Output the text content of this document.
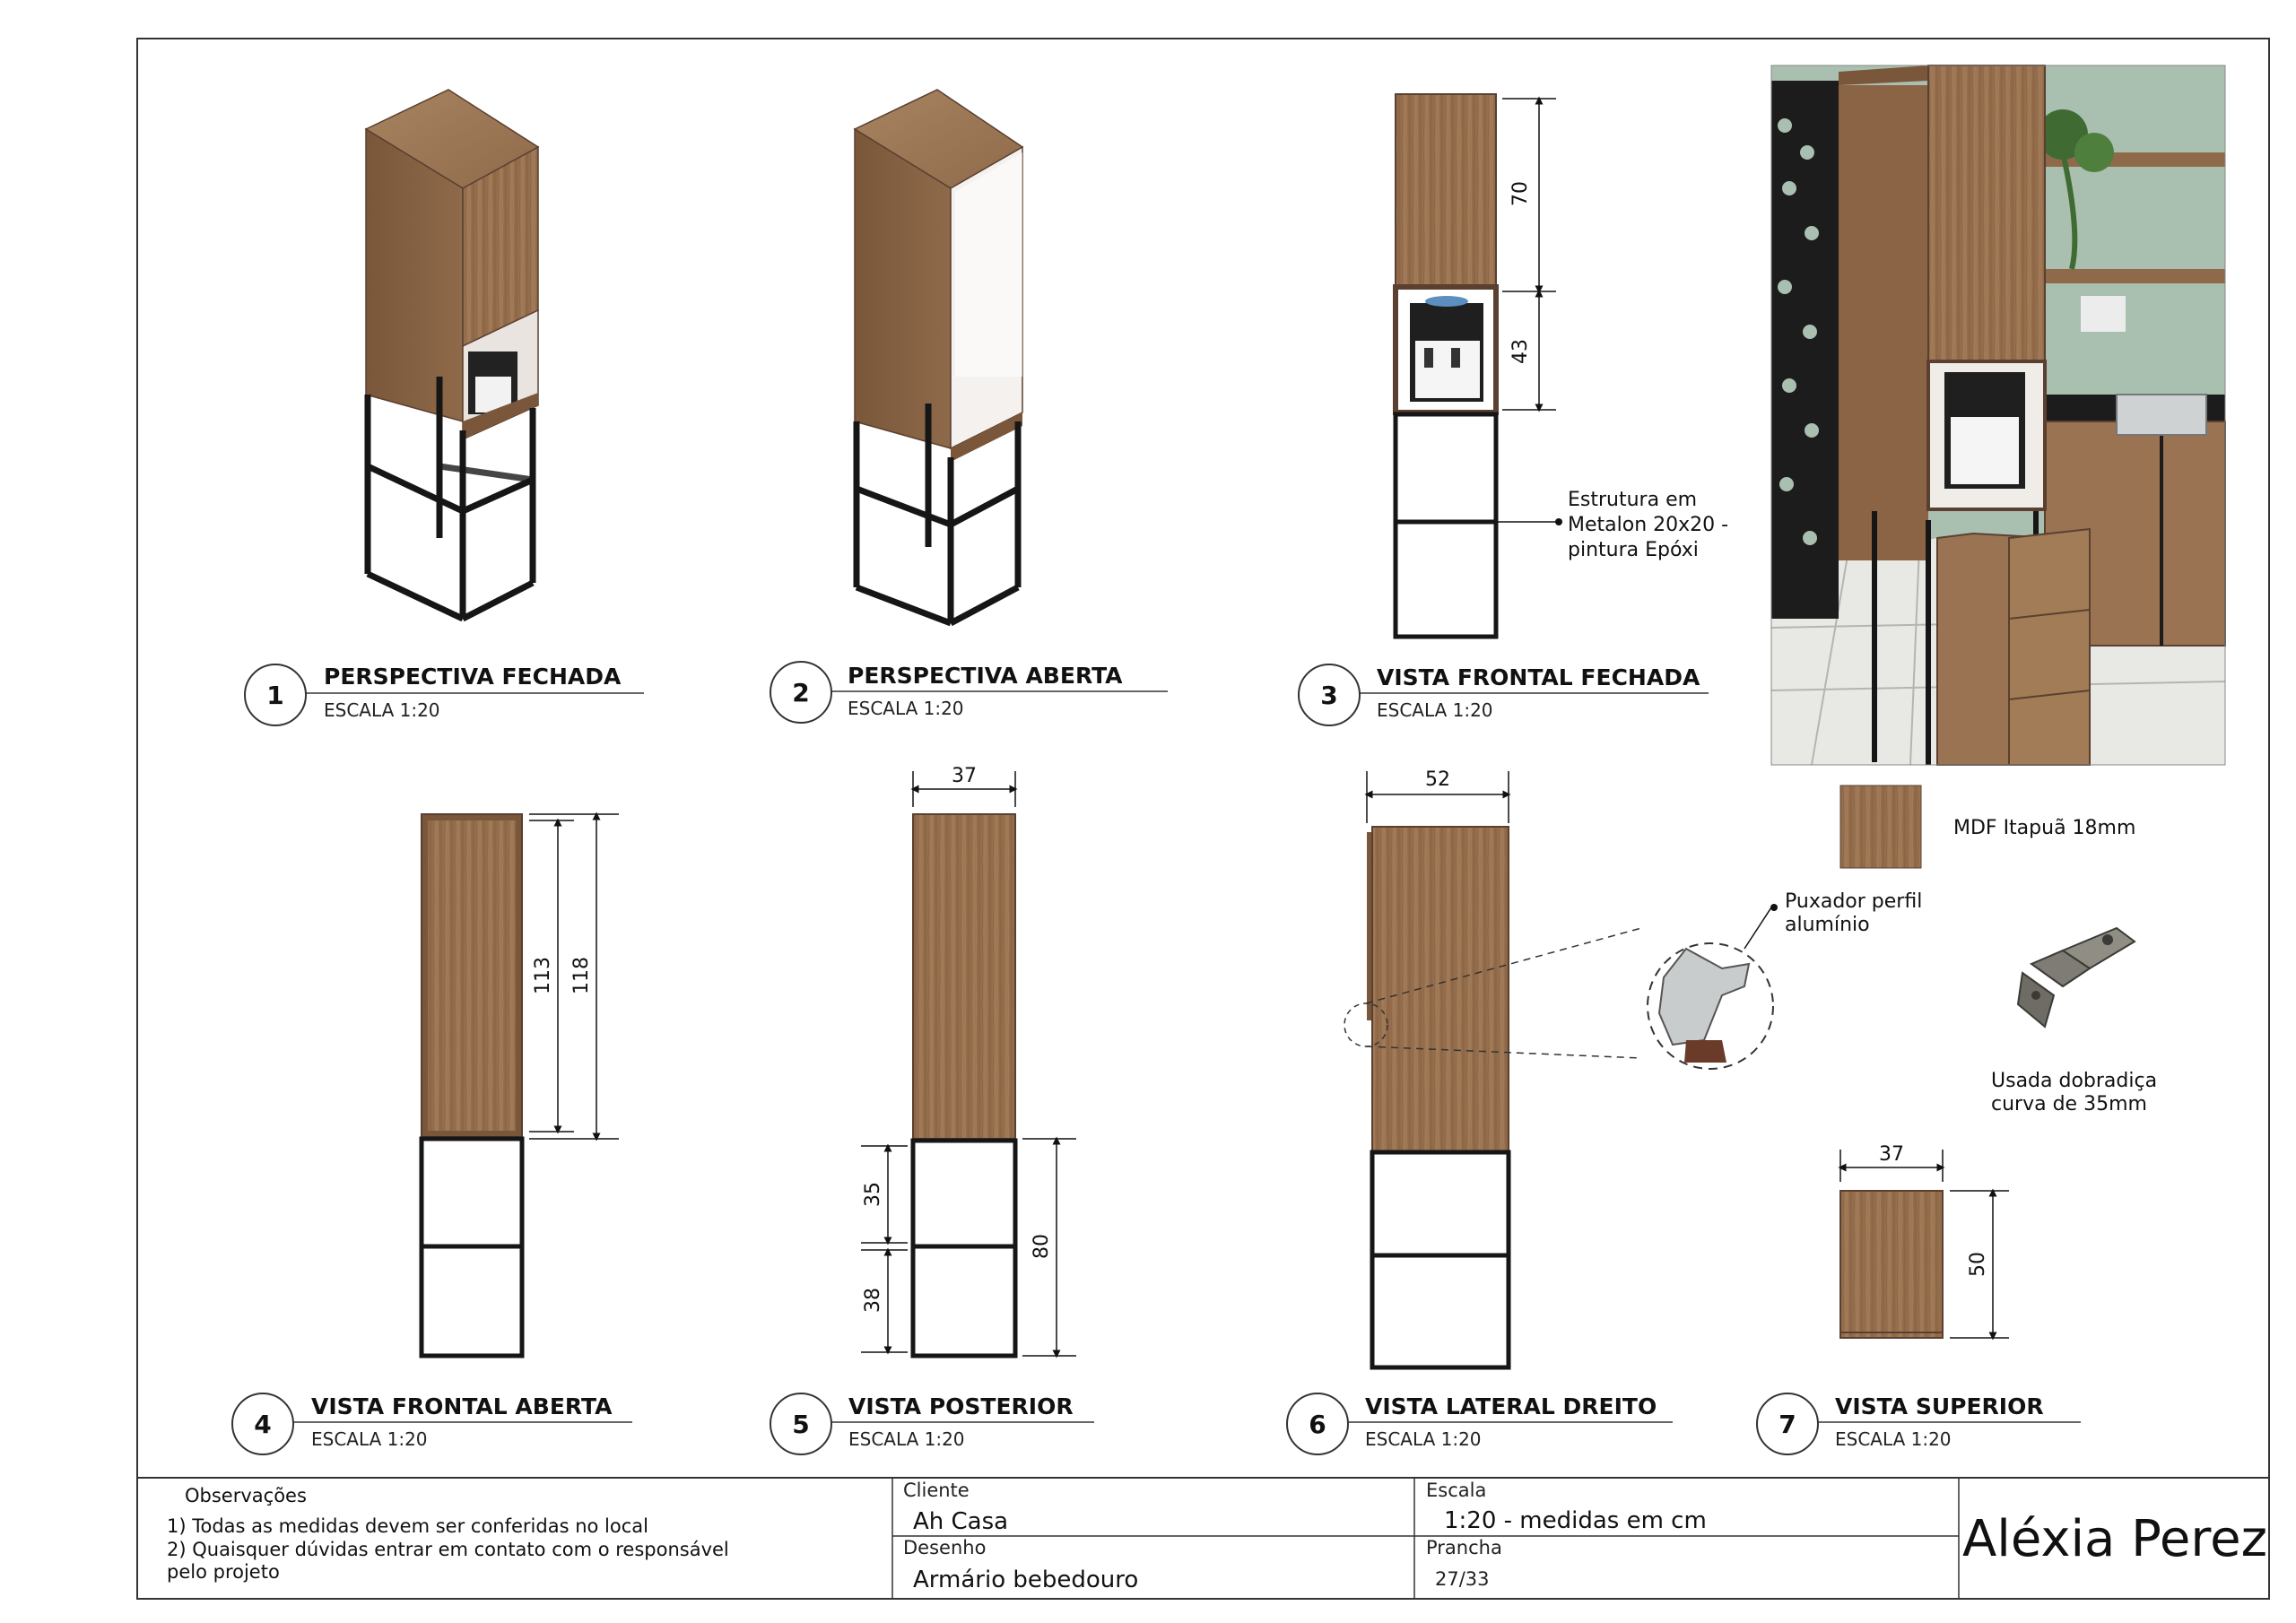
1
PERSPECTIVA FECHADA
ESCALA 1:20
2
PERSPECTIVA ABERTA
ESCALA 1:20
70
43
Estrutura em
Metalon 20x20 -
pintura Epóxi
3
VISTA FRONTAL FECHADA
ESCALA 1:20
MDF Itapuã 18mm
113 118
4
VISTA FRONTAL ABERTA
ESCALA 1:20
37
35
38
80
5
VISTA POSTERIOR
ESCALA 1:20
52
Puxador perfil
alumínio
6
VISTA LATERAL DREITO
ESCALA 1:20
Usada dobradiça
curva de 35mm
37
50
7
VISTA SUPERIOR
ESCALA 1:20
Observações
1) Todas as medidas devem ser conferidas no local
2) Quaisquer dúvidas entrar em contato com o responsável
pelo projeto
Cliente
Ah Casa
Desenho
Armário bebedouro
Escala
1:20 - medidas em cm
Prancha
27/33
Aléxia Perez
